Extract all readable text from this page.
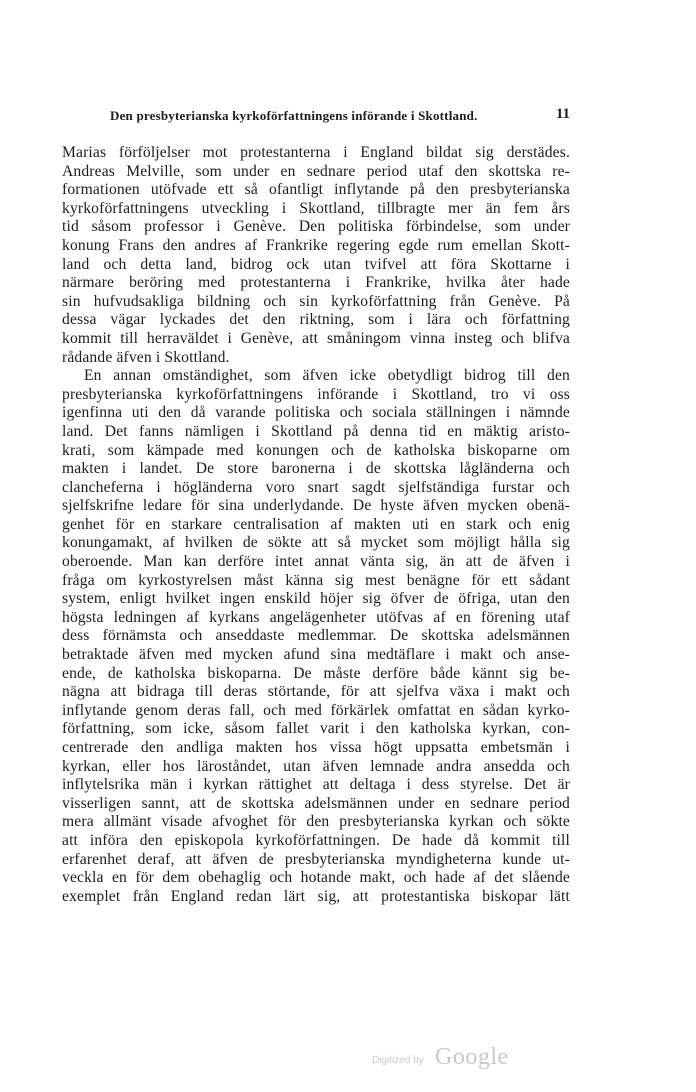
Den presbyterianska kyrkoförfattningens införande i Skottland.	11
Marias förföljelser mot protestanterna i England bildat sig derstädes.
Andreas Melville, som under en sednare period utaf den skottska re-
formationen utöfvade ett så ofantligt inflytande på den presbyterianska
kyrkoförfattningens utveckling i Skottland, tillbragte mer än fem års
tid såsom professor i Genève. Den politiska förbindelse, som under
konung Frans den andres af Frankrike regering egde rum emellan Skott-
land och detta land, bidrog ock utan tvifvel att föra Skottarne i
närmare beröring med protestanterna i Frankrike, hvilka åter hade
sin hufvudsakliga bildning och sin kyrkoförfattning från Genève. På
dessa vägar lyckades det den riktning, som i lära och författning
kommit till herraväldet i Genève, att småningom vinna insteg och blifva
rådande äfven i Skottland.
En annan omständighet, som äfven icke obetydligt bidrog till den
presbyterianska kyrkoförfattningens införande i Skottland, tro vi oss
igenfinna uti den då varande politiska och sociala ställningen i nämnde
land. Det fanns nämligen i Skottland på denna tid en mäktig aristo-
krati, som kämpade med konungen och de katholska biskoparne om
makten i landet. De store baronerna i de skottska lågländerna och
clancheferna i högländerna voro snart sagdt sjelfständiga furstar och
sjelfskrifne ledare för sina underlydande. De hyste äfven mycken obenä-
genhet för en starkare centralisation af makten uti en stark och enig
konungamakt, af hvilken de sökte att så mycket som möjligt hålla sig
oberoende. Man kan derföre intet annat vänta sig, än att de äfven i
fråga om kyrkostyrelsen måst känna sig mest benägne för ett sådant
system, enligt hvilket ingen enskild höjer sig öfver de öfriga, utan den
högsta ledningen af kyrkans angelägenheter utöfvas af en förening utaf
dess förnämsta och anseddaste medlemmar. De skottska adelsmännen
betraktade äfven med mycken afund sina medtäflare i makt och anse-
ende, de katholska biskoparna. De måste derföre både kännt sig be-
nägna att bidraga till deras störtande, för att sjelfva växa i makt och
inflytande genom deras fall, och med förkärlek omfattat en sådan kyrko-
författning, som icke, såsom fallet varit i den katholska kyrkan, con-
centrerade den andliga makten hos vissa högt uppsatta embetsmän i
kyrkan, eller hos läroståndet, utan äfven lemnade andra ansedda och
inflytelsrika män i kyrkan rättighet att deltaga i dess styrelse. Det är
visserligen sannt, att de skottska adelsmännen under en sednare period
mera allmänt visade afvoghet för den presbyterianska kyrkan och sökte
att införa den episkopola kyrkoförfattningen. De hade då kommit till
erfarenhet deraf, att äfven de presbyterianska myndigheterna kunde ut-
veckla en för dem obehaglig och hotande makt, och hade af det slående
exemplet från England redan lärt sig, att protestantiska biskopar lätt
Digitized by Google
